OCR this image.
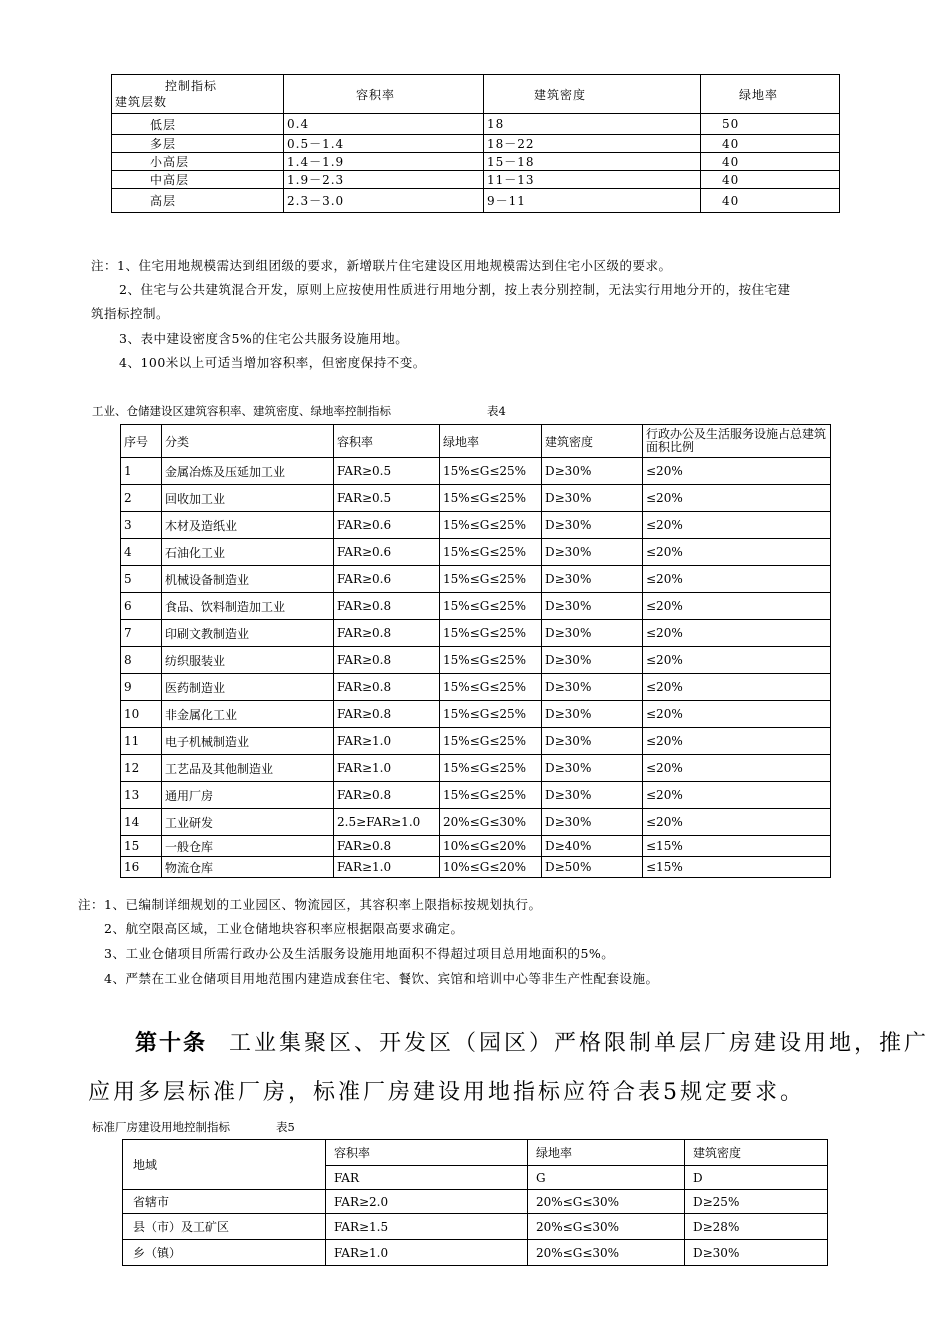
控制指标
建筑层数	容积率	建筑密度	绿地率
低层	0.4	18	50
多层	0.5－1.4	18－22	40
小高层	1.4－1.9	15－18	40
中高层	1.9－2.3	11－13	40
高层	2.3－3.0	9－11	40
注：1、住宅用地规模需达到组团级的要求，新增联片住宅建设区用地规模需达到住宅小区级的要求。
2、住宅与公共建筑混合开发，原则上应按使用性质进行用地分割，按上表分别控制，无法实行用地分开的，按住宅建
筑指标控制。
3、表中建设密度含5%的住宅公共服务设施用地。
4、100米以上可适当增加容积率，但密度保持不变。
工业、仓储建设区建筑容积率、建筑密度、绿地率控制指标	表4
序号	分类	容积率	绿地率	建筑密度	行政办公及生活服务设施占总建筑面积比例
1	金属冶炼及压延加工业	FAR≥0.5	15%≤G≤25%	D≥30%	≤20%
2	回收加工业	FAR≥0.5	15%≤G≤25%	D≥30%	≤20%
3	木材及造纸业	FAR≥0.6	15%≤G≤25%	D≥30%	≤20%
4	石油化工业	FAR≥0.6	15%≤G≤25%	D≥30%	≤20%
5	机械设备制造业	FAR≥0.6	15%≤G≤25%	D≥30%	≤20%
6	食品、饮料制造加工业	FAR≥0.8	15%≤G≤25%	D≥30%	≤20%
7	印刷文教制造业	FAR≥0.8	15%≤G≤25%	D≥30%	≤20%
8	纺织服装业	FAR≥0.8	15%≤G≤25%	D≥30%	≤20%
9	医药制造业	FAR≥0.8	15%≤G≤25%	D≥30%	≤20%
10	非金属化工业	FAR≥0.8	15%≤G≤25%	D≥30%	≤20%
11	电子机械制造业	FAR≥1.0	15%≤G≤25%	D≥30%	≤20%
12	工艺品及其他制造业	FAR≥1.0	15%≤G≤25%	D≥30%	≤20%
13	通用厂房	FAR≥0.8	15%≤G≤25%	D≥30%	≤20%
14	工业研发	2.5≥FAR≥1.0	20%≤G≤30%	D≥30%	≤20%
15	一般仓库	FAR≥0.8	10%≤G≤20%	D≥40%	≤15%
16	物流仓库	FAR≥1.0	10%≤G≤20%	D≥50%	≤15%
注：1、已编制详细规划的工业园区、物流园区，其容积率上限指标按规划执行。
2、航空限高区域，工业仓储地块容积率应根据限高要求确定。
3、工业仓储项目所需行政办公及生活服务设施用地面积不得超过项目总用地面积的5%。
4、严禁在工业仓储项目用地范围内建造成套住宅、餐饮、宾馆和培训中心等非生产性配套设施。
第十条 工业集聚区、开发区（园区）严格限制单层厂房建设用地，推广
应用多层标准厂房，标准厂房建设用地指标应符合表5规定要求。
标准厂房建设用地控制指标	表5
地域	容积率	绿地率	建筑密度
	FAR	G	D
省辖市	FAR≥2.0	20%≤G≤30%	D≥25%
县（市）及工矿区	FAR≥1.5	20%≤G≤30%	D≥28%
乡（镇）	FAR≥1.0	20%≤G≤30%	D≥30%
